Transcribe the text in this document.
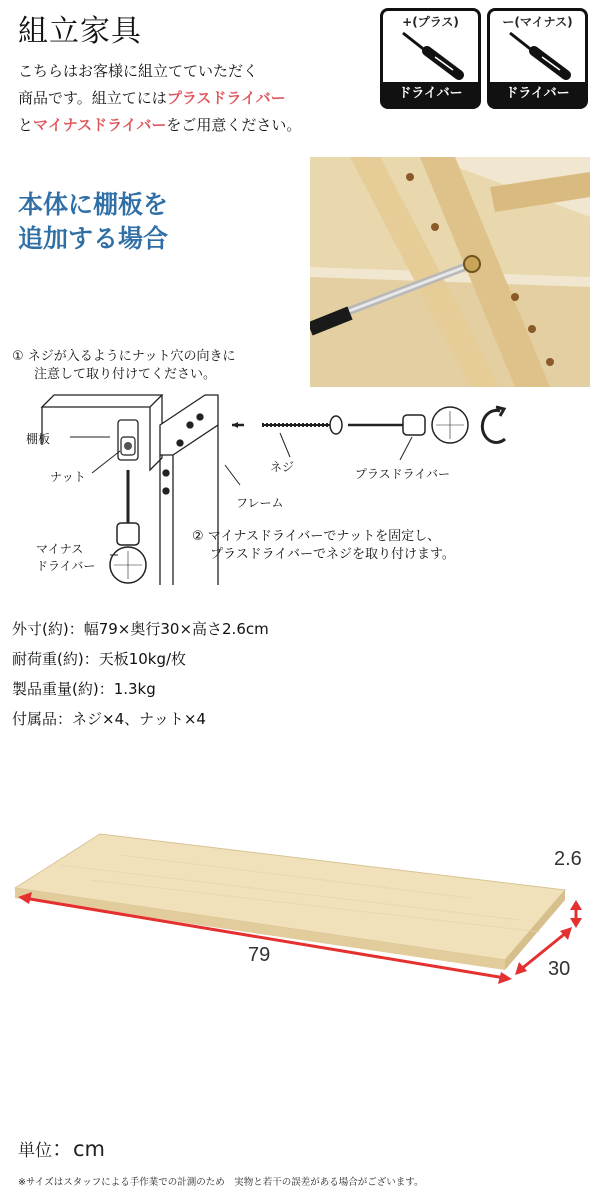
組立家具
こちらはお客様に組立てていただく
商品です。組立てにはプラスドライバー
とマイナスドライバーをご用意ください。
+(プラス)
ドライバー
ー(マイナス)
ドライバー
本体に棚板を
追加する場合
① ネジが入るようにナット穴の向きに
注意して取り付けてください。
② マイナスドライバーでナットを固定し、
プラスドライバーでネジを取り付けます。
棚板
ナット
ネジ
フレーム
プラスドライバー
マイナス
ドライバー
外寸(約)：幅79×奥行30×高さ2.6cm
耐荷重(約)：天板10kg/枚
製品重量(約)：1.3kg
付属品：ネジ×4、ナット×4
79
30
2.6
単位：cm
※サイズはスタッフによる手作業での計測のため　実物と若干の誤差がある場合がございます。
